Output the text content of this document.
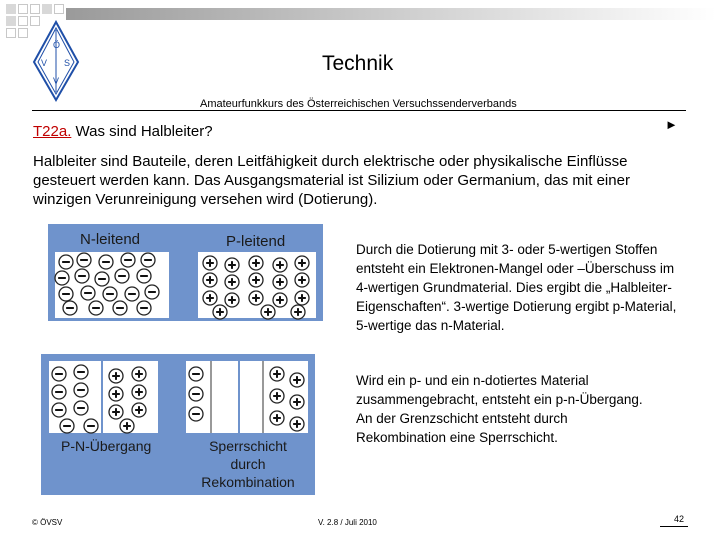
Ö
V S
V
Technik
Amateurfunkkurs des Österreichischen Versuchssenderverbands
T22a. Was sind Halbleiter?	►
Halbleiter sind Bauteile, deren Leitfähigkeit durch elektrische oder physikalische Einflüsse gesteuert werden kann. Das Ausgangsmaterial ist Silizium oder Germanium, das mit einer winzigen Verunreinigung versehen wird (Dotierung).
N-leitend	P-leitend
P-N-Übergang	Sperrschicht
durch
Rekombination
Durch die Dotierung mit 3- oder 5-wertigen Stoffen entsteht ein Elektronen-Mangel oder –Überschuss im 4-wertigen Grundmaterial. Dies ergibt die „Halbleiter-Eigenschaften“. 3-wertige Dotierung ergibt p-Material, 5-wertige das n-Material.
Wird ein p- und ein n-dotiertes Material zusammengebracht, entsteht ein p-n-Übergang. An der Grenzschicht entsteht durch Rekombination eine Sperrschicht.
© ÖVSV	V. 2.8 / Juli 2010	42
